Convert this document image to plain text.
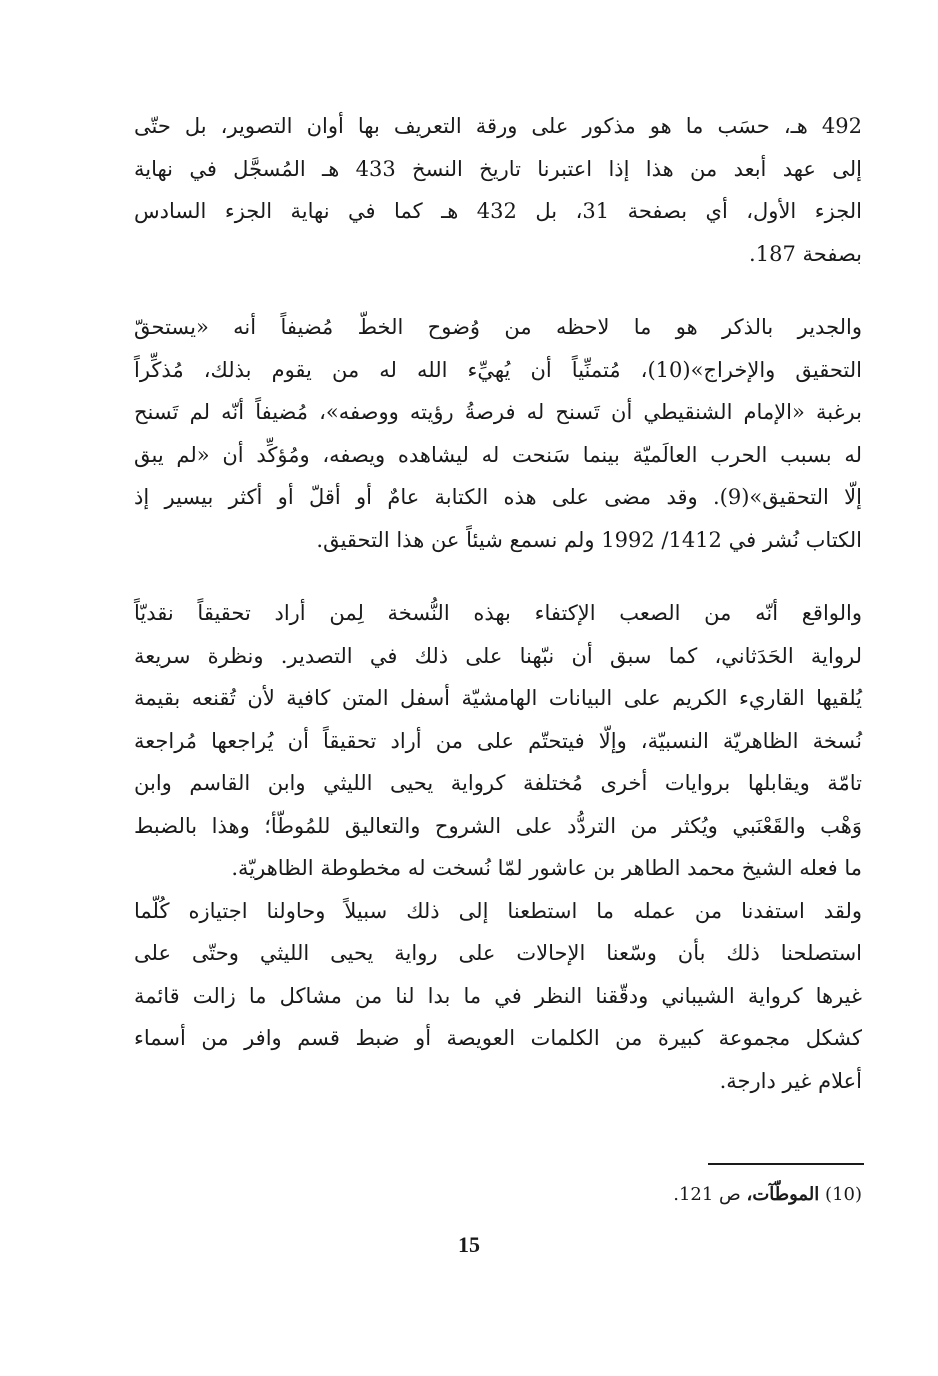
492 هـ، حسَب ما هو مذكور على ورقة التعريف بها أوان التصوير، بل حتّى
إلى عهد أبعد من هذا إذا اعتبرنا تاريخ النسخ 433 هـ المُسجَّل في نهاية
الجزء الأول، أي بصفحة 31، بل 432 هـ كما في نهاية الجزء السادس
بصفحة 187.
والجدير بالذكر هو ما لاحظه من وُضوح الخطّ مُضيفاً أنه «يستحقّ
التحقيق والإخراج»(10)، مُتمنِّياً أن يُهيِّء الله له من يقوم بذلك، مُذكِّراً
برغبة «الإمام الشنقيطي أن تَسنح له فرصةُ رؤيته ووصفه»، مُضيفاً أنّه لم تَسنح
له بسبب الحرب العالَميّة بينما سَنحت له ليشاهده ويصفه، ومُؤكِّد أن «لم يبق
إلّا التحقيق»(9). وقد مضى على هذه الكتابة عامٌ أو أقلّ أو أكثر بيسير إذ
الكتاب نُشر في 1412/ 1992 ولم نسمع شيئاً عن هذا التحقيق.
والواقع أنّه من الصعب الإكتفاء بهذه النُّسخة لِمن أراد تحقيقاً نقديّاً
لرواية الحَدَثاني، كما سبق أن نبّهنا على ذلك في التصدير. ونظرة سريعة
يُلقيها القاريء الكريم على البيانات الهامشيّة أسفل المتن كافية لأن تُقنعه بقيمة
نُسخة الظاهريّة النسبيّة، وإلّا فيتحتّم على من أراد تحقيقاً أن يُراجعها مُراجعة
تامّة ويقابلها بروايات أخرى مُختلفة كرواية يحيى الليثي وابن القاسم وابن
وَهْب والقَعْنَبي ويُكثر من التردُّد على الشروح والتعاليق للمُوطّأ؛ وهذا بالضبط
ما فعله الشيخ محمد الطاهر بن عاشور لمّا نُسخت له مخطوطة الظاهريّة.
ولقد استفدنا من عمله ما استطعنا إلى ذلك سبيلاً وحاولنا اجتيازه كُلّما
استصلحنا ذلك بأن وسّعنا الإحالات على رواية يحيى الليثي وحتّى على
غيرها كرواية الشيباني ودقّقنا النظر في ما بدا لنا من مشاكل ما زالت قائمة
كشكل مجموعة كبيرة من الكلمات العويصة أو ضبط قسم وافر من أسماء
أعلام غير دارجة.
(10) الموطّآت، ص 121.
15
